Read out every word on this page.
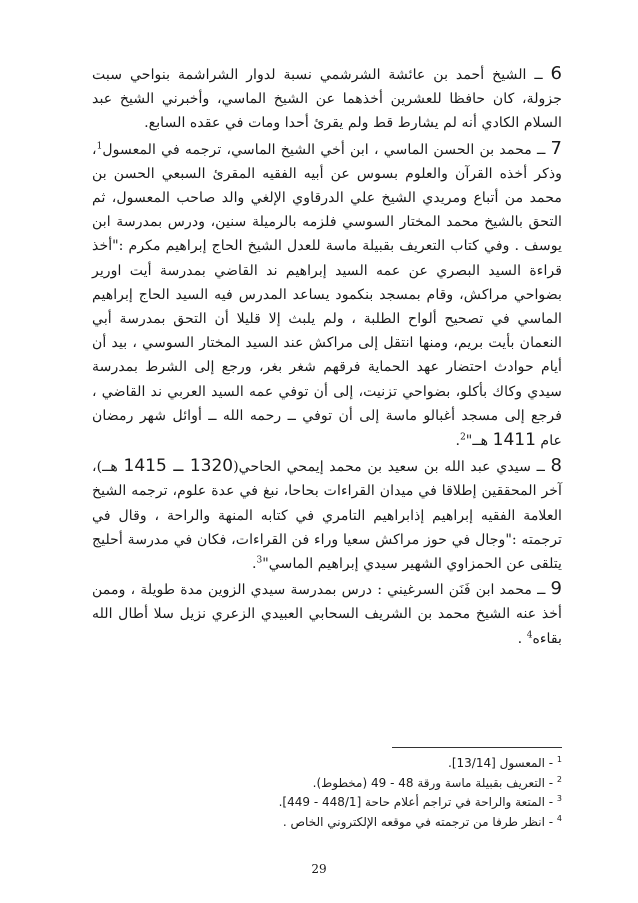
6 ــ الشيخ أحمد بن عائشة الشرشمي نسبة لدوار الشراشمة بنواحي سبت جزولة، كان حافظا للعشرين أخذهما عن الشيخ الماسي، وأخبرني الشيخ عبد السلام الكادي أنه لم يشارط قط ولم يقرئ أحدا ومات في عقده السابع.

7 ــ محمد بن الحسن الماسي ، ابن أخي الشيخ الماسي، ترجمه في المعسول$^1$، وذكر أخذه القرآن والعلوم بسوس عن أبيه الفقيه المقرئ السبعي الحسن بن محمد من أتباع ومريدي الشيخ علي الدرقاوي الإلغي والد صاحب المعسول، ثم التحق بالشيخ محمد المختار السوسي فلزمه بالرميلة سنين، ودرس بمدرسة ابن يوسف . وفي كتاب التعريف بقبيلة ماسة للعدل الشيخ الحاج إبراهيم مكرم :"أخذ قراءة السيد البصري عن عمه السيد إبراهيم ند القاضي بمدرسة أيت اورير بضواحي مراكش، وقام بمسجد بنكمود يساعد المدرس فيه السيد الحاج إبراهيم الماسي في تصحيح ألواح الطلبة ، ولم يلبث إلا قليلا أن التحق بمدرسة أبي النعمان بأيت بريم، ومنها انتقل إلى مراكش عند السيد المختار السوسي ، بيد أن أيام حوادث احتضار عهد الحماية فرقهم شغر بغر، ورجع إلى الشرط بمدرسة سيدي وكاك بأكلو، بضواحي تزنيت، إلى أن توفي عمه السيد العربي ند القاضي ، فرجع إلى مسجد أغبالو ماسة إلى أن توفي ــ رحمه الله ــ أوائل شهر رمضان عام 1411 هــ"$^2$.

8 ــ سيدي عبد الله بن سعيد بن محمد إيمحي الحاحي(1320 ــ 1415 هــ)، آخر المحققين إطلاقا في ميدان القراءات بحاحا، نبغ في عدة علوم، ترجمه الشيخ العلامة الفقيه إبراهيم إذابراهيم التامري في كتابه المنهة والراحة ، وقال في ترجمته :"وجال في حوز مراكش سعيا وراء فن القراءات، فكان في مدرسة أحليج يتلقى عن الحمزاوي الشهير سيدي إبراهيم الماسي"$^3$.

9 ــ محمد ابن فَنَن السرغيني : درس بمدرسة سيدي الزوين مدة طويلة ، وممن أخذ عنه الشيخ محمد بن الشريف السحابي العبيدي الزعري نزيل سلا أطال الله بقاءه$^4$ .

$^1$ - المعسول [13/14].
$^2$ - التعريف بقبيلة ماسة ورقة 48 - 49 (مخطوط).
$^3$ - المتعة والراحة في تراجم أعلام حاحة [448/1 - 449].
$^4$ - انظر طرفا من ترجمته في موقعه الإلكتروني الخاص .
29
